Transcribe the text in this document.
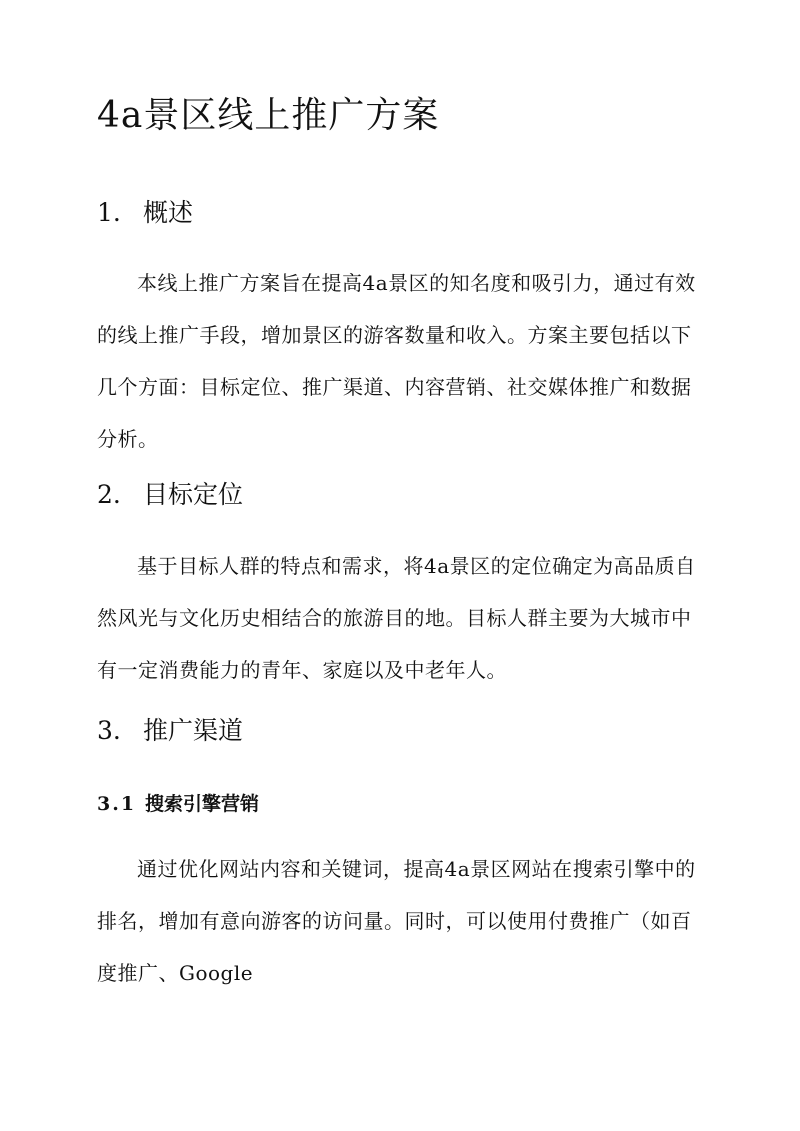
4a景区线上推广方案
1. 概述
本线上推广方案旨在提高4a景区的知名度和吸引力，通过有效
的线上推广手段，增加景区的游客数量和收入。方案主要包括以下
几个方面：目标定位、推广渠道、内容营销、社交媒体推广和数据
分析。
2. 目标定位
基于目标人群的特点和需求，将4a景区的定位确定为高品质自
然风光与文化历史相结合的旅游目的地。目标人群主要为大城市中
有一定消费能力的青年、家庭以及中老年人。
3. 推广渠道
3.1 搜索引擎营销
通过优化网站内容和关键词，提高4a景区网站在搜索引擎中的
排名，增加有意向游客的访问量。同时，可以使用付费推广（如百
度推广、Google
